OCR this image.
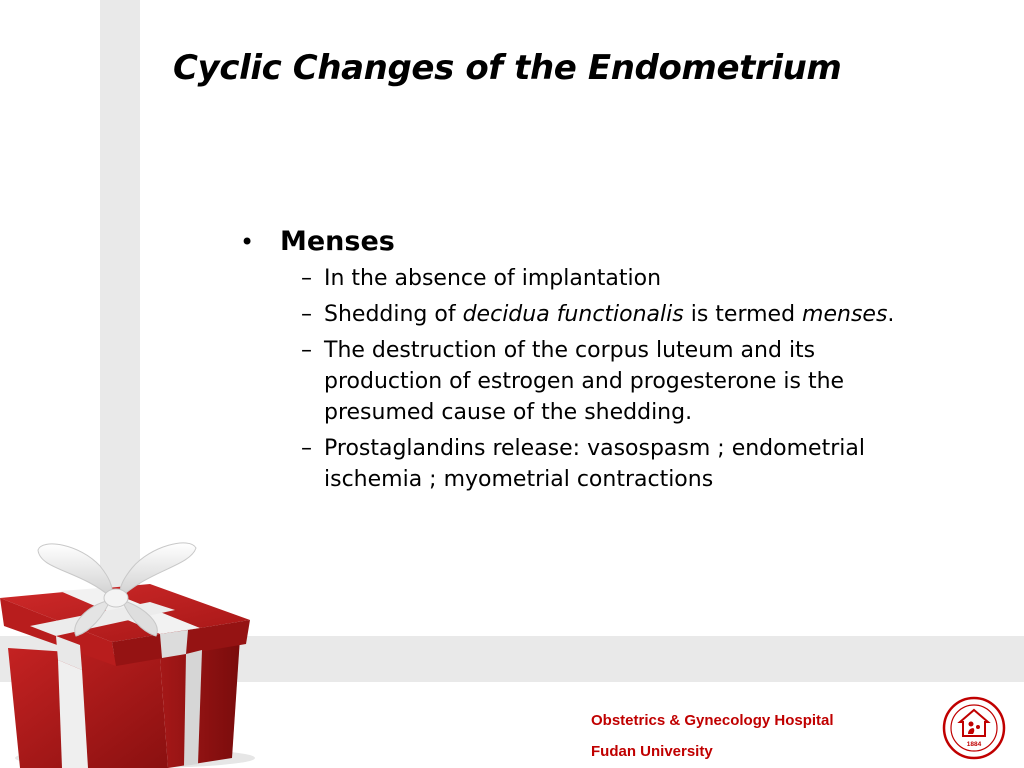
Cyclic Changes of the Endometrium
• Menses
– In the absence of implantation
– Shedding of decidua functionalis is termed menses.
– The destruction of the corpus luteum and its production of estrogen and progesterone is the presumed cause of the shedding.
– Prostaglandins release: vasospasm ; endometrial ischemia ; myometrial contractions
Obstetrics & Gynecology Hospital
Fudan University	1884
